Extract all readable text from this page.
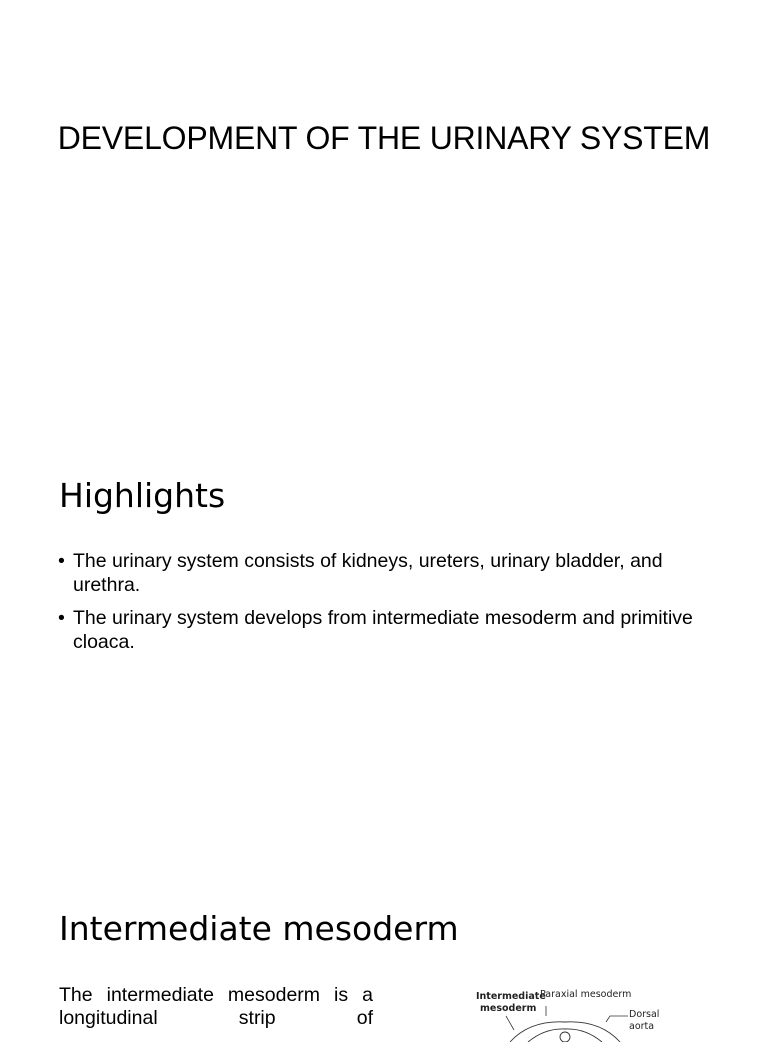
DEVELOPMENT OF THE URINARY SYSTEM
Highlights
• The urinary system consists of kidneys, ureters, urinary bladder, and urethra.
• The urinary system develops from intermediate mesoderm and primitive cloaca.
Intermediate mesoderm
The intermediate mesoderm is a longitudinal strip of
Intermediate
mesoderm
Paraxial mesoderm
Dorsal
aorta
